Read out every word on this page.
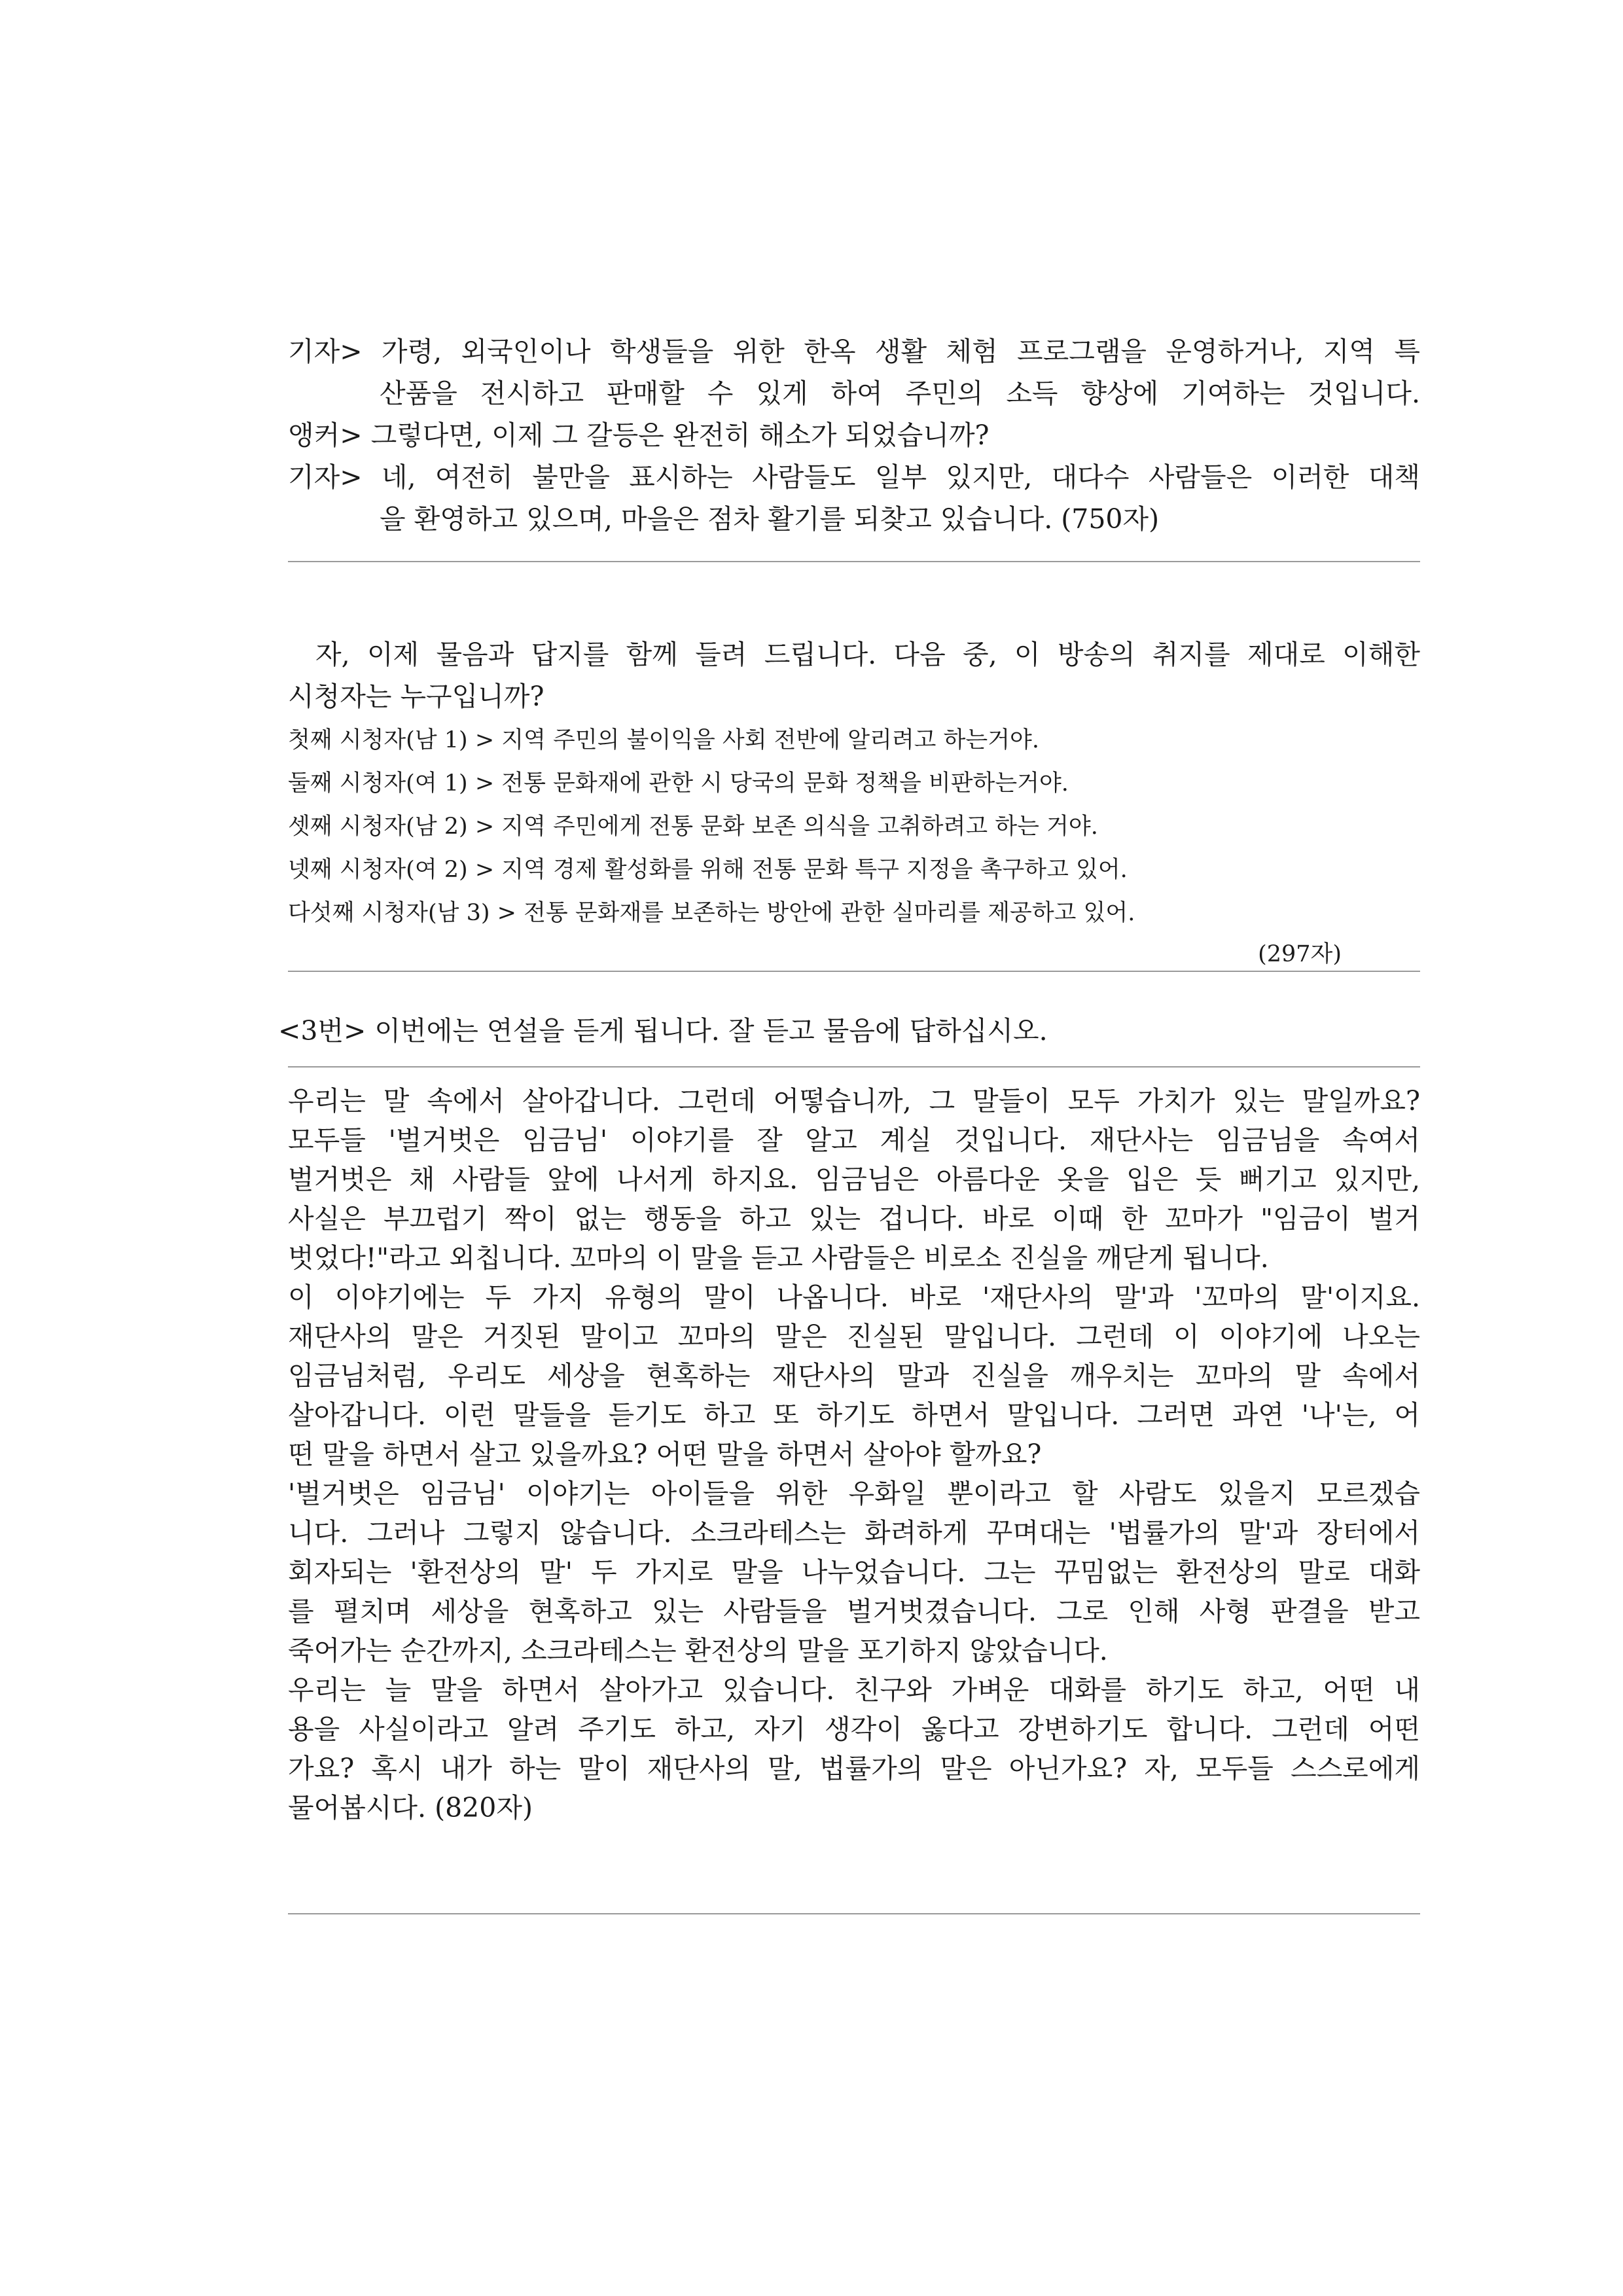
기자> 가령, 외국인이나 학생들을 위한 한옥 생활 체험 프로그램을 운영하거나, 지역 특
산품을 전시하고 판매할 수 있게 하여 주민의 소득 향상에 기여하는 것입니다.
앵커> 그렇다면, 이제 그 갈등은 완전히 해소가 되었습니까?
기자> 네, 여전히 불만을 표시하는 사람들도 일부 있지만, 대다수 사람들은 이러한 대책
을 환영하고 있으며, 마을은 점차 활기를 되찾고 있습니다. (750자)
자, 이제 물음과 답지를 함께 들려 드립니다. 다음 중, 이 방송의 취지를 제대로 이해한
시청자는 누구입니까?
첫째 시청자(남 1) > 지역 주민의 불이익을 사회 전반에 알리려고 하는거야.
둘째 시청자(여 1) > 전통 문화재에 관한 시 당국의 문화 정책을 비판하는거야.
셋째 시청자(남 2) > 지역 주민에게 전통 문화 보존 의식을 고취하려고 하는 거야.
넷째 시청자(여 2) > 지역 경제 활성화를 위해 전통 문화 특구 지정을 촉구하고 있어.
다섯째 시청자(남 3) > 전통 문화재를 보존하는 방안에 관한 실마리를 제공하고 있어.
(297자)
<3번> 이번에는 연설을 듣게 됩니다. 잘 듣고 물음에 답하십시오.
우리는 말 속에서 살아갑니다. 그런데 어떻습니까, 그 말들이 모두 가치가 있는 말일까요?
모두들 '벌거벗은 임금님' 이야기를 잘 알고 계실 것입니다. 재단사는 임금님을 속여서
벌거벗은 채 사람들 앞에 나서게 하지요. 임금님은 아름다운 옷을 입은 듯 뻐기고 있지만,
사실은 부끄럽기 짝이 없는 행동을 하고 있는 겁니다. 바로 이때 한 꼬마가 "임금이 벌거
벗었다!"라고 외칩니다. 꼬마의 이 말을 듣고 사람들은 비로소 진실을 깨닫게 됩니다.
이 이야기에는 두 가지 유형의 말이 나옵니다. 바로 '재단사의 말'과 '꼬마의 말'이지요.
재단사의 말은 거짓된 말이고 꼬마의 말은 진실된 말입니다. 그런데 이 이야기에 나오는
임금님처럼, 우리도 세상을 현혹하는 재단사의 말과 진실을 깨우치는 꼬마의 말 속에서
살아갑니다. 이런 말들을 듣기도 하고 또 하기도 하면서 말입니다. 그러면 과연 '나'는, 어
떤 말을 하면서 살고 있을까요? 어떤 말을 하면서 살아야 할까요?
'벌거벗은 임금님' 이야기는 아이들을 위한 우화일 뿐이라고 할 사람도 있을지 모르겠습
니다. 그러나 그렇지 않습니다. 소크라테스는 화려하게 꾸며대는 '법률가의 말'과 장터에서
회자되는 '환전상의 말' 두 가지로 말을 나누었습니다. 그는 꾸밈없는 환전상의 말로 대화
를 펼치며 세상을 현혹하고 있는 사람들을 벌거벗겼습니다. 그로 인해 사형 판결을 받고
죽어가는 순간까지, 소크라테스는 환전상의 말을 포기하지 않았습니다.
우리는 늘 말을 하면서 살아가고 있습니다. 친구와 가벼운 대화를 하기도 하고, 어떤 내
용을 사실이라고 알려 주기도 하고, 자기 생각이 옳다고 강변하기도 합니다. 그런데 어떤
가요? 혹시 내가 하는 말이 재단사의 말, 법률가의 말은 아닌가요? 자, 모두들 스스로에게
물어봅시다. (820자)
